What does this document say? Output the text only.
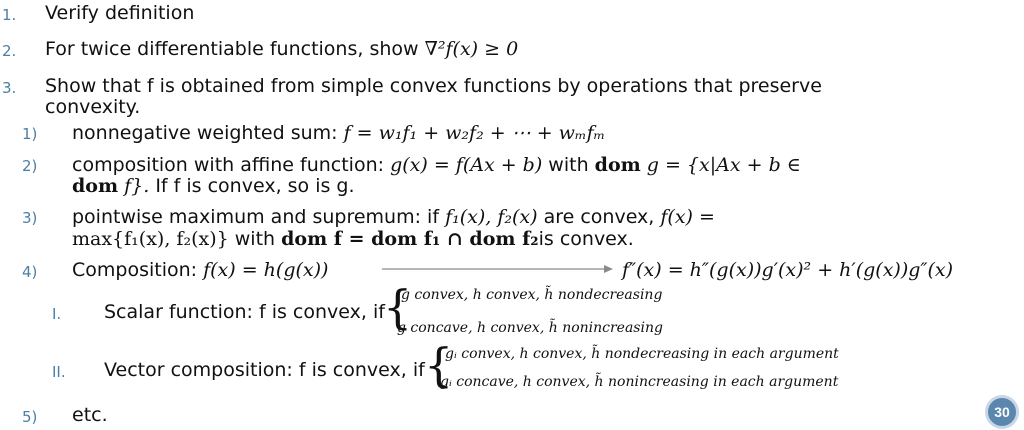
1. Verify definition
2. For twice differentiable functions, show ∇²f(x) ≥ 0
3. Show that f is obtained from simple convex functions by operations that preserve
convexity.
1) nonnegative weighted sum: f = w₁f₁ + w₂f₂ + ⋯ + wₘfₘ
2) composition with affine function: g(x) = f(Ax + b) with dom g = {x|Ax + b ∈
dom f}. If f is convex, so is g.
3) pointwise maximum and supremum: if f₁(x), f₂(x) are convex, f(x) =
max{f₁(x), f₂(x)} with dom f = dom f₁ ∩ dom f₂is convex.
4) Composition: f(x) = h(g(x))	f″(x) = h″(g(x))g′(x)² + h′(g(x))g″(x)
I. Scalar function: f is convex, if
{
g convex, h convex, h̃ nondecreasing
g concave, h convex, h̃ nonincreasing
II. Vector composition: f is convex, if {
gᵢ convex, h convex, h̃ nondecreasing in each argument
gᵢ concave, h convex, h̃ nonincreasing in each argument
5) etc.	30
